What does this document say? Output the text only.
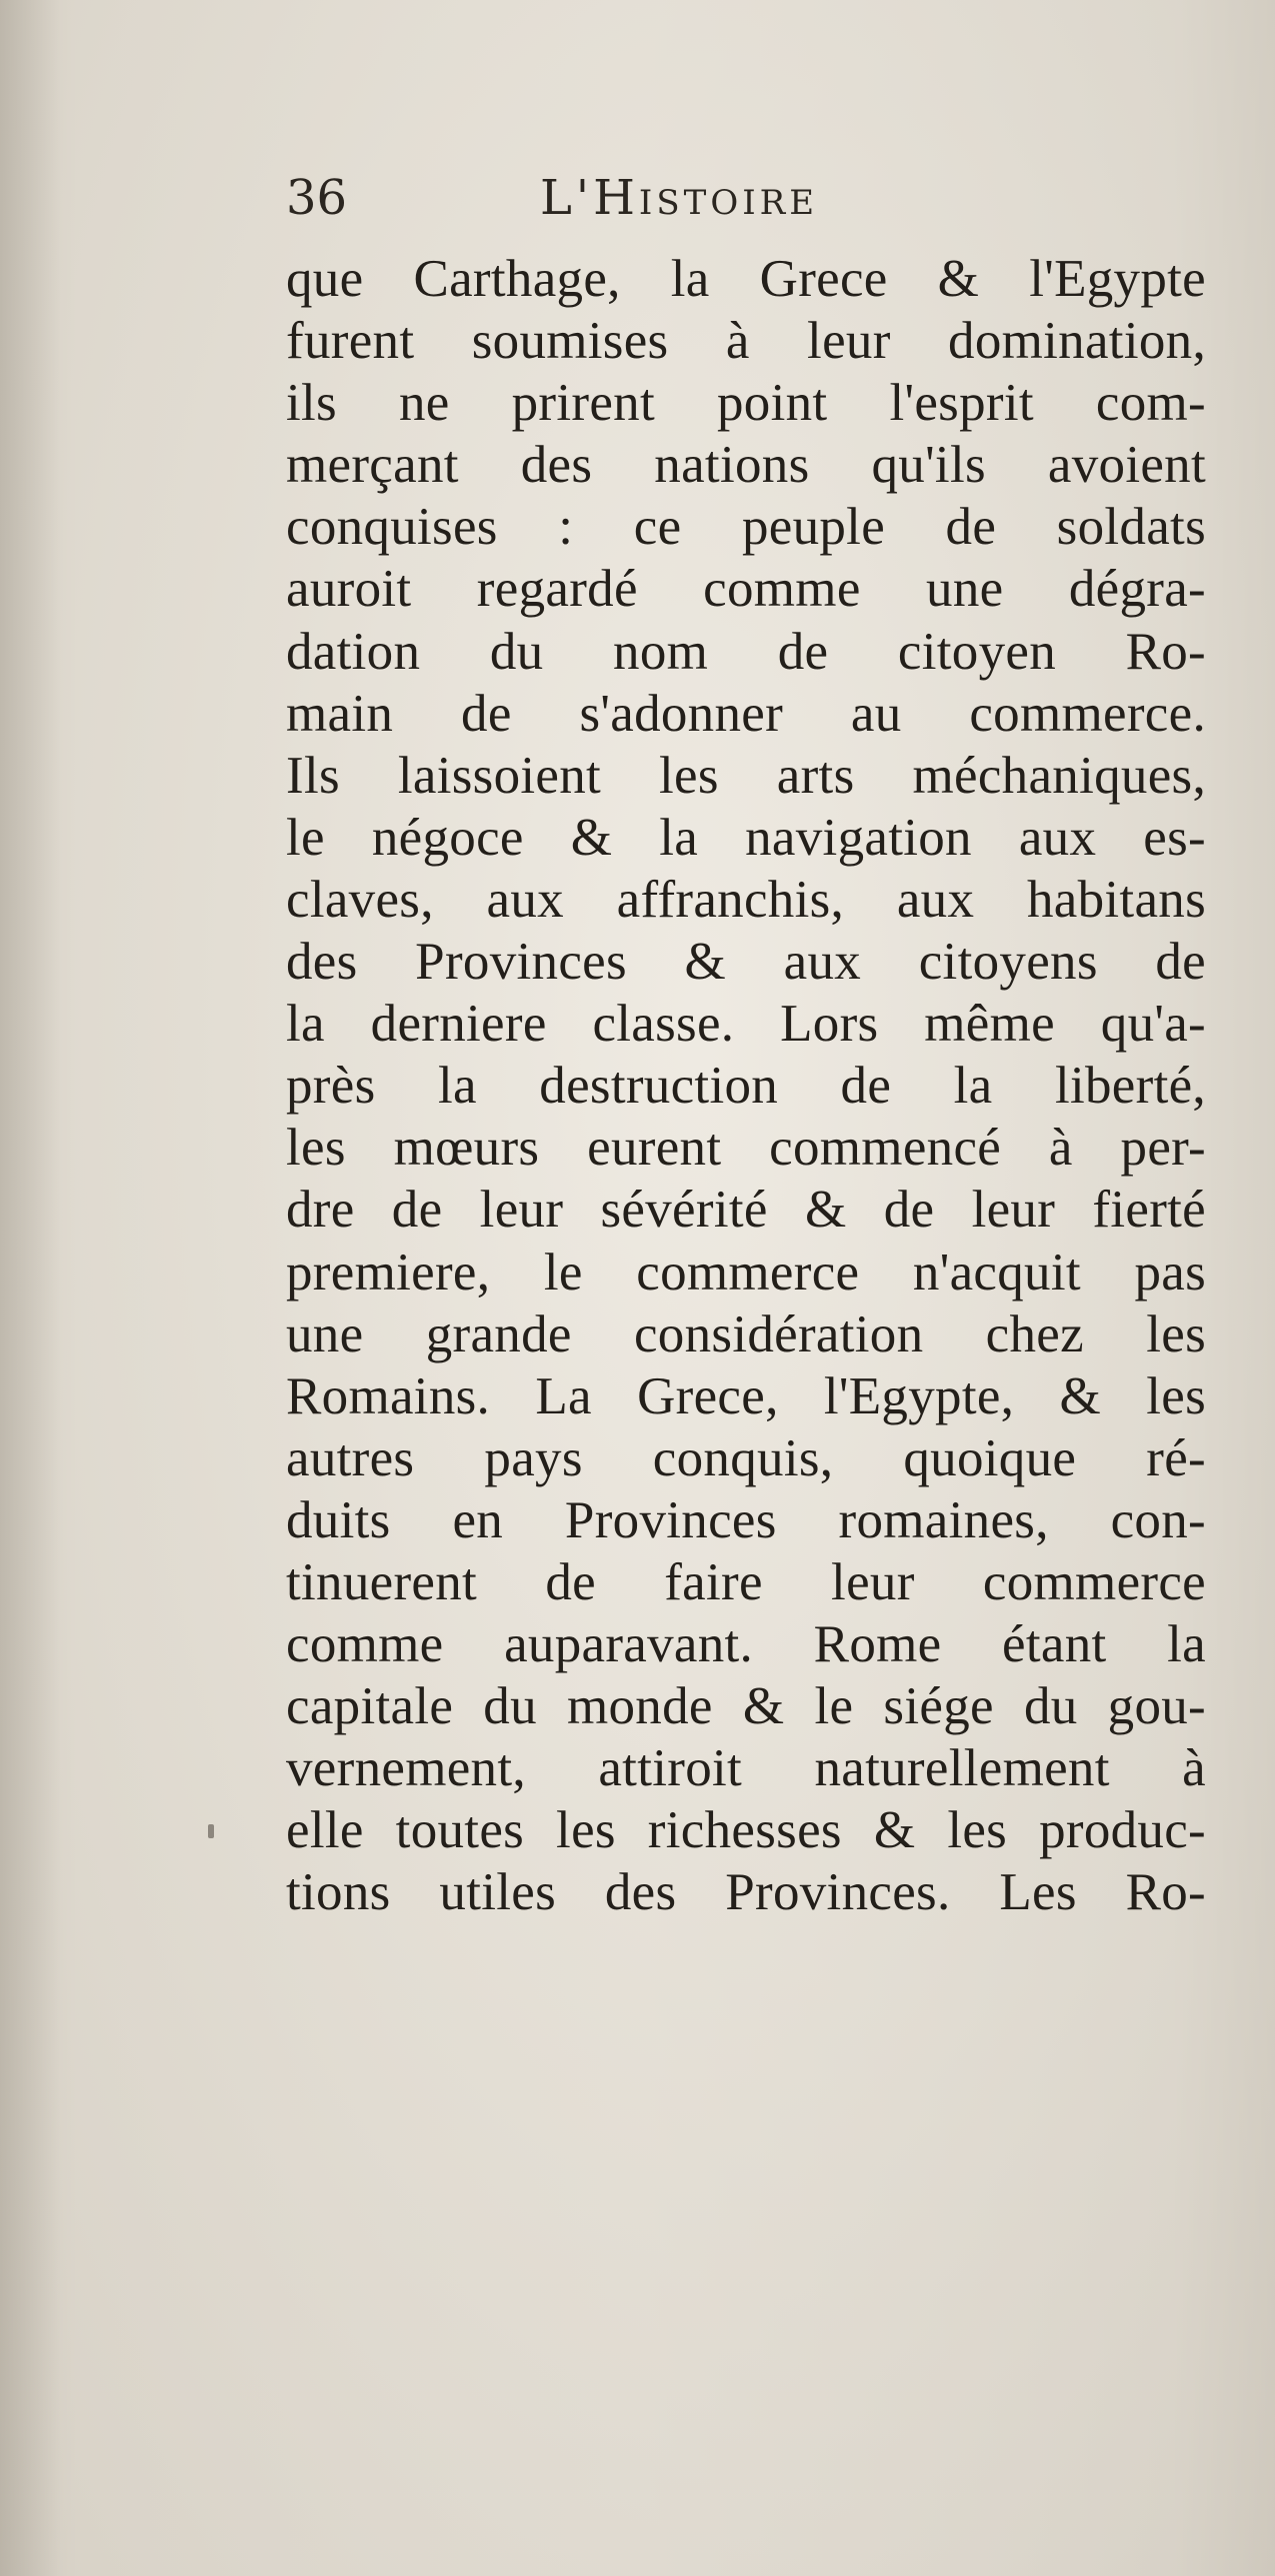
36	L'Histoire
que Carthage, la Grece & l'Egypte
furent soumises à leur domination,
ils ne prirent point l'esprit com-
merçant des nations qu'ils avoient
conquises : ce peuple de soldats
auroit regardé comme une dégra-
dation du nom de citoyen Ro-
main de s'adonner au commerce.
Ils laissoient les arts méchaniques,
le négoce & la navigation aux es-
claves, aux affranchis, aux habitans
des Provinces & aux citoyens de
la derniere classe. Lors même qu'a-
près la destruction de la liberté,
les mœurs eurent commencé à per-
dre de leur sévérité & de leur fierté
premiere, le commerce n'acquit pas
une grande considération chez les
Romains. La Grece, l'Egypte, & les
autres pays conquis, quoique ré-
duits en Provinces romaines, con-
tinuerent de faire leur commerce
comme auparavant. Rome étant la
capitale du monde & le siége du gou-
vernement, attiroit naturellement à
elle toutes les richesses & les produc-
tions utiles des Provinces. Les Ro-
